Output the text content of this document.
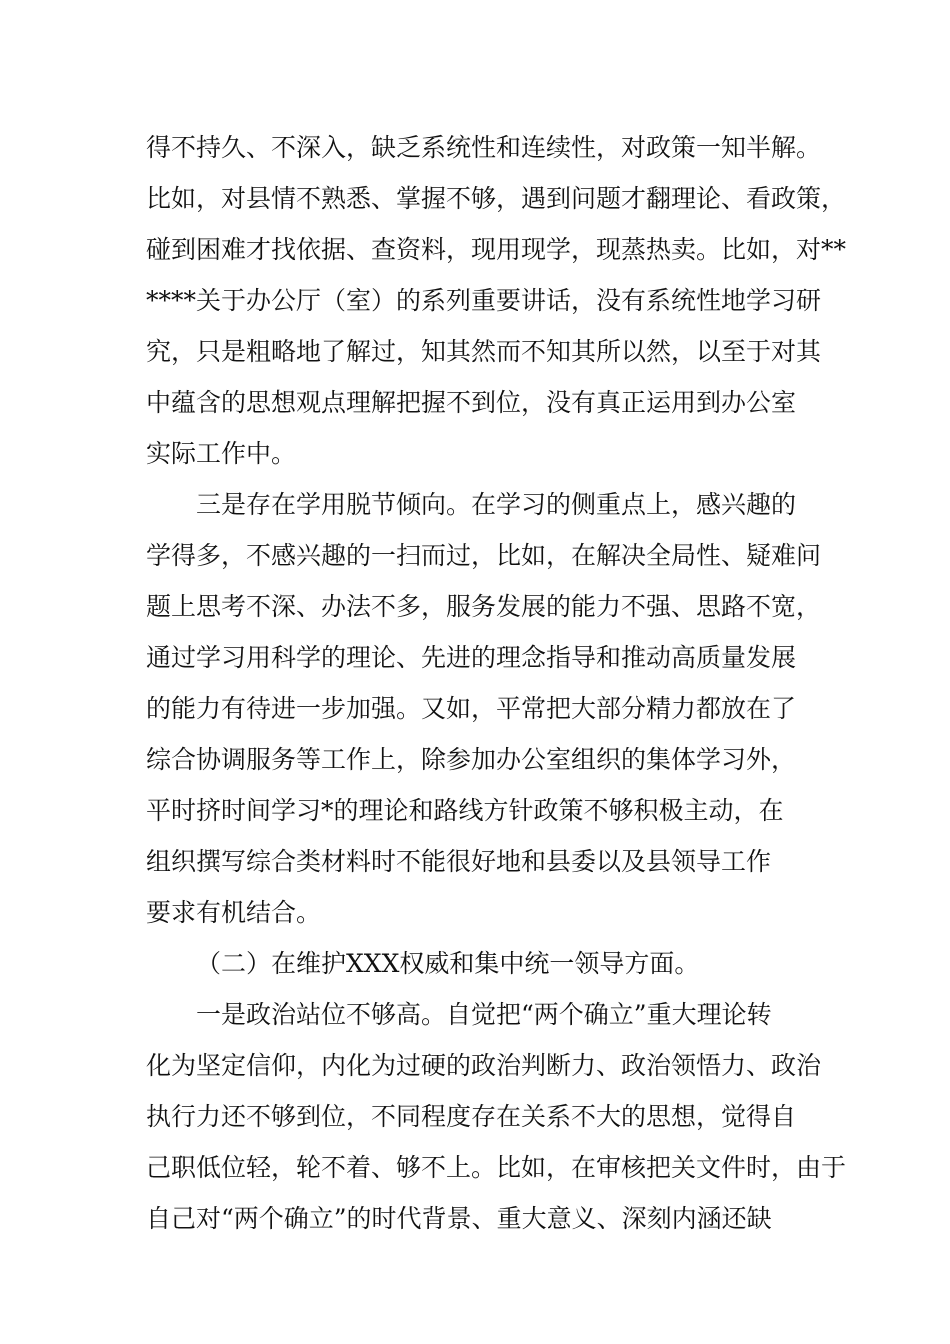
得不持久、不深入，缺乏系统性和连续性，对政策一知半解。
比如，对县情不熟悉、掌握不够，遇到问题才翻理论、看政策，
碰到困难才找依据、查资料，现用现学，现蒸热卖。比如，对**
****关于办公厅（室）的系列重要讲话，没有系统性地学习研
究，只是粗略地了解过，知其然而不知其所以然，以至于对其
中蕴含的思想观点理解把握不到位，没有真正运用到办公室
实际工作中。
三是存在学用脱节倾向。在学习的侧重点上，感兴趣的
学得多，不感兴趣的一扫而过，比如，在解决全局性、疑难问
题上思考不深、办法不多，服务发展的能力不强、思路不宽，
通过学习用科学的理论、先进的理念指导和推动高质量发展
的能力有待进一步加强。又如，平常把大部分精力都放在了
综合协调服务等工作上，除参加办公室组织的集体学习外，
平时挤时间学习*的理论和路线方针政策不够积极主动，在
组织撰写综合类材料时不能很好地和县委以及县领导工作
要求有机结合。
（二）在维护XXX权威和集中统一领导方面。
一是政治站位不够高。自觉把“两个确立”重大理论转
化为坚定信仰，内化为过硬的政治判断力、政治领悟力、政治
执行力还不够到位，不同程度存在关系不大的思想，觉得自
己职低位轻，轮不着、够不上。比如，在审核把关文件时，由于
自己对“两个确立”的时代背景、重大意义、深刻内涵还缺
